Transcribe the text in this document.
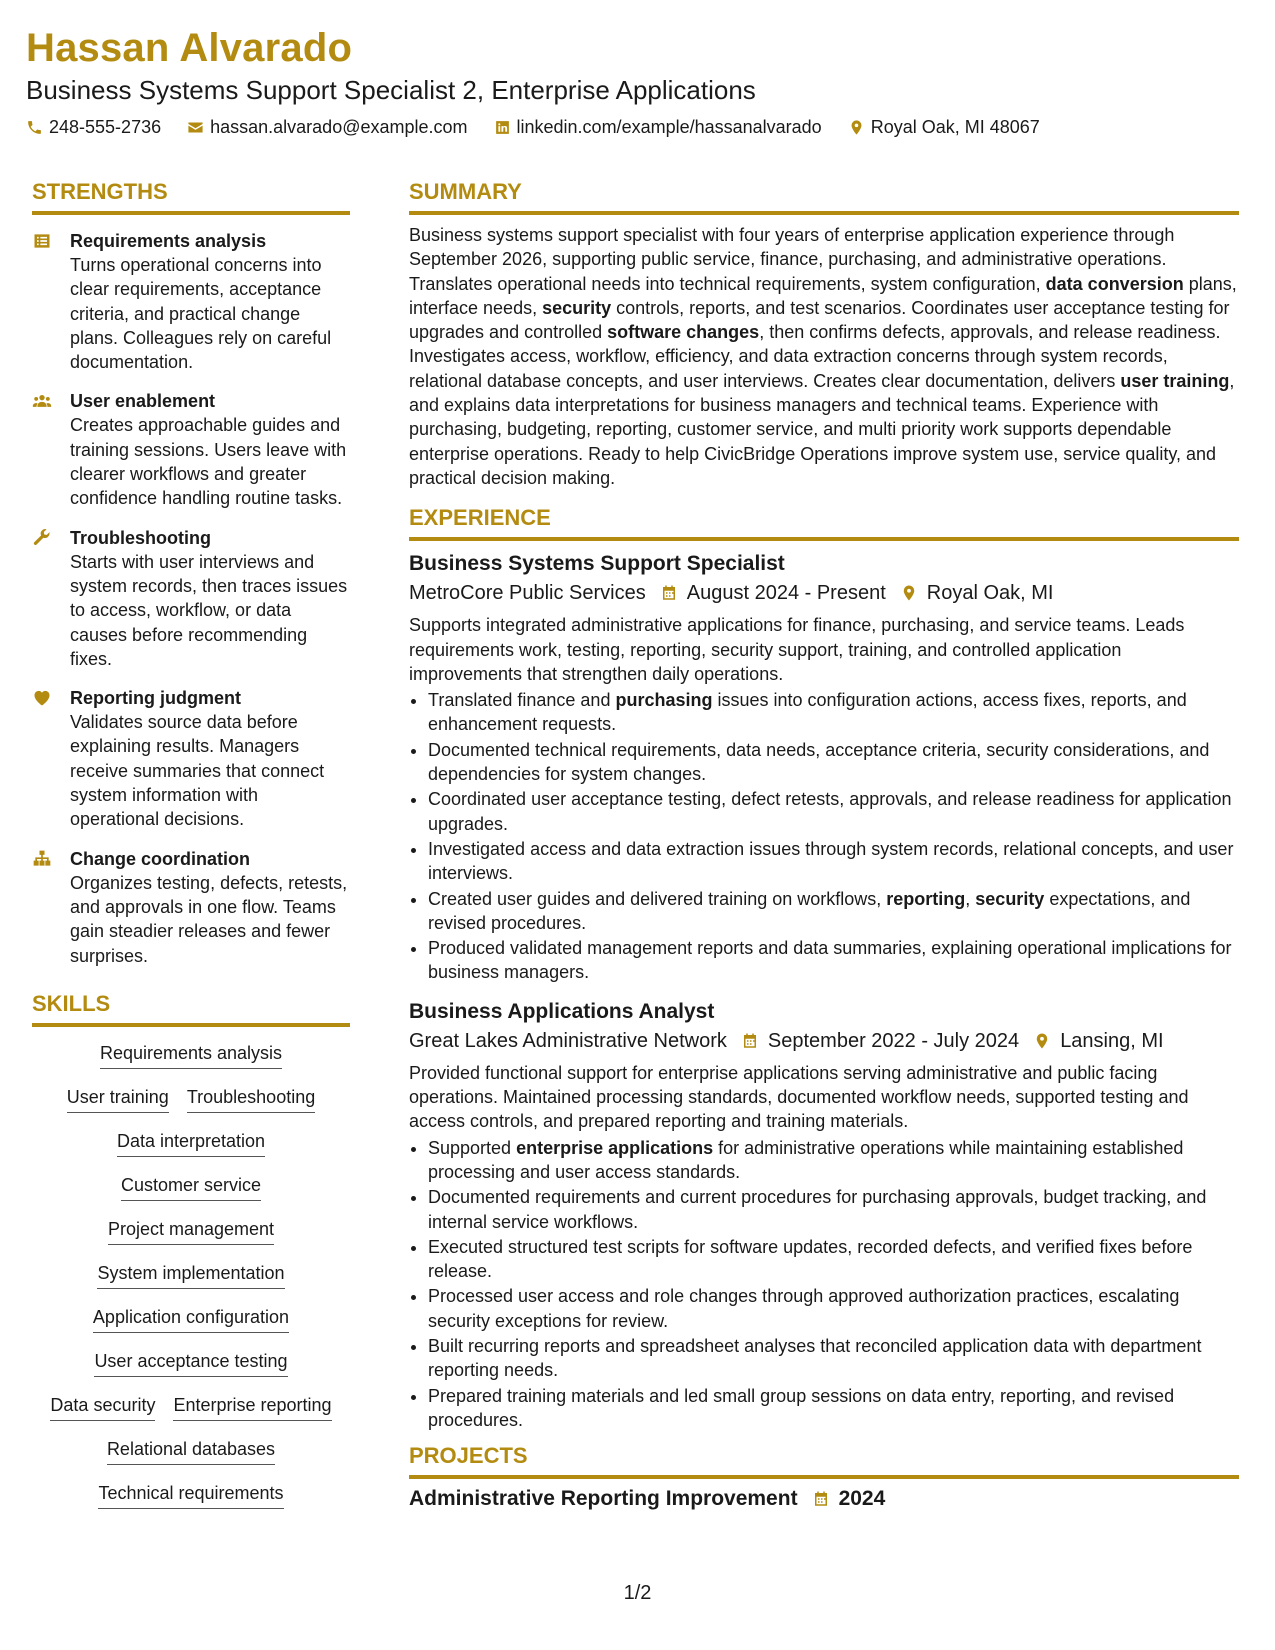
Hassan Alvarado

Business Systems Support Specialist 2, Enterprise Applications

248-555-2736	hassan.alvarado@example.com	linkedin.com/example/hassanalvarado	Royal Oak, MI 48067
STRENGTHS
Requirements analysis
Turns operational concerns into clear requirements, acceptance criteria, and practical change plans. Colleagues rely on careful documentation.
User enablement
Creates approachable guides and training sessions. Users leave with clearer workflows and greater confidence handling routine tasks.
Troubleshooting
Starts with user interviews and system records, then traces issues to access, workflow, or data causes before recommending fixes.
Reporting judgment
Validates source data before explaining results. Managers receive summaries that connect system information with operational decisions.
Change coordination
Organizes testing, defects, retests, and approvals in one flow. Teams gain steadier releases and fewer surprises.
SKILLS
Requirements analysis
User training Troubleshooting
Data interpretation
Customer service
Project management
System implementation
Application configuration
User acceptance testing
Data security Enterprise reporting
Relational databases
Technical requirements
SUMMARY

Business systems support specialist with four years of enterprise application experience through September 2026, supporting public service, finance, purchasing, and administrative operations. Translates operational needs into technical requirements, system configuration, data conversion plans, interface needs, security controls, reports, and test scenarios. Coordinates user acceptance testing for upgrades and controlled software changes, then confirms defects, approvals, and release readiness. Investigates access, workflow, efficiency, and data extraction concerns through system records, relational database concepts, and user interviews. Creates clear documentation, delivers user training, and explains data interpretations for business managers and technical teams. Experience with purchasing, budgeting, reporting, customer service, and multi priority work supports dependable enterprise operations. Ready to help CivicBridge Operations improve system use, service quality, and practical decision making.

EXPERIENCE
Business Systems Support Specialist
MetroCore Public Services August 2024 - Present Royal Oak, MI

Supports integrated administrative applications for finance, purchasing, and service teams. Leads requirements work, testing, reporting, security support, training, and controlled application improvements that strengthen daily operations.

• Translated finance and purchasing issues into configuration actions, access fixes, reports, and enhancement requests.
• Documented technical requirements, data needs, acceptance criteria, security considerations, and dependencies for system changes.
• Coordinated user acceptance testing, defect retests, approvals, and release readiness for application upgrades.
• Investigated access and data extraction issues through system records, relational concepts, and user interviews.
• Created user guides and delivered training on workflows, reporting, security expectations, and revised procedures.
• Produced validated management reports and data summaries, explaining operational implications for business managers.
Business Applications Analyst
Great Lakes Administrative Network September 2022 - July 2024 Lansing, MI

Provided functional support for enterprise applications serving administrative and public facing operations. Maintained processing standards, documented workflow needs, supported testing and access controls, and prepared reporting and training materials.

• Supported enterprise applications for administrative operations while maintaining established processing and user access standards.
• Documented requirements and current procedures for purchasing approvals, budget tracking, and internal service workflows.
• Executed structured test scripts for software updates, recorded defects, and verified fixes before release.
• Processed user access and role changes through approved authorization practices, escalating security exceptions for review.
• Built recurring reports and spreadsheet analyses that reconciled application data with department reporting needs.
• Prepared training materials and led small group sessions on data entry, reporting, and revised procedures.
PROJECTS
Administrative Reporting Improvement 2024
1/2
